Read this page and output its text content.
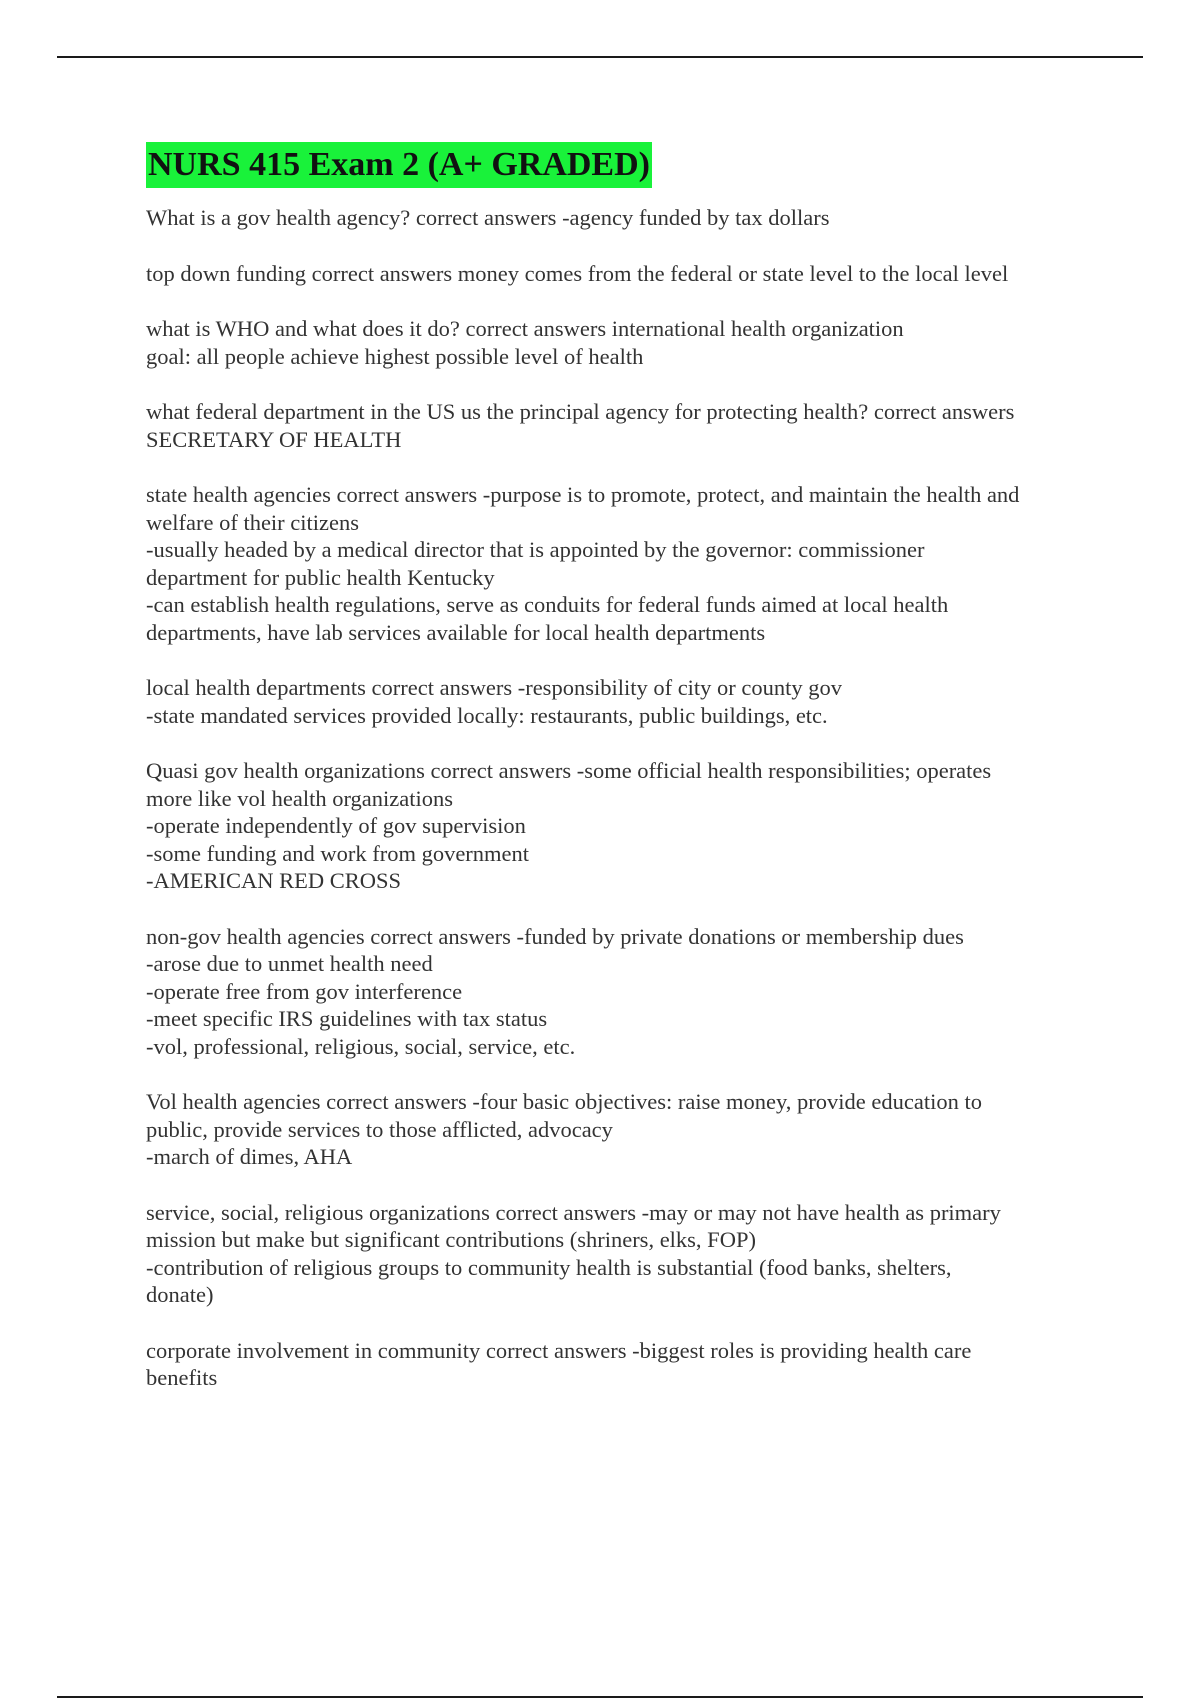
NURS 415 Exam 2 (A+ GRADED)
What is a gov health agency? correct answers -agency funded by tax dollars
top down funding correct answers money comes from the federal or state level to the local level
what is WHO and what does it do? correct answers international health organization
goal: all people achieve highest possible level of health
what federal department in the US us the principal agency for protecting health? correct answers
SECRETARY OF HEALTH
state health agencies correct answers -purpose is to promote, protect, and maintain the health and
welfare of their citizens
-usually headed by a medical director that is appointed by the governor: commissioner
department for public health Kentucky
-can establish health regulations, serve as conduits for federal funds aimed at local health
departments, have lab services available for local health departments
local health departments correct answers -responsibility of city or county gov
-state mandated services provided locally: restaurants, public buildings, etc.
Quasi gov health organizations correct answers -some official health responsibilities; operates
more like vol health organizations
-operate independently of gov supervision
-some funding and work from government
-AMERICAN RED CROSS
non-gov health agencies correct answers -funded by private donations or membership dues
-arose due to unmet health need
-operate free from gov interference
-meet specific IRS guidelines with tax status
-vol, professional, religious, social, service, etc.
Vol health agencies correct answers -four basic objectives: raise money, provide education to
public, provide services to those afflicted, advocacy
-march of dimes, AHA
service, social, religious organizations correct answers -may or may not have health as primary
mission but make but significant contributions (shriners, elks, FOP)
-contribution of religious groups to community health is substantial (food banks, shelters,
donate)
corporate involvement in community correct answers -biggest roles is providing health care
benefits
